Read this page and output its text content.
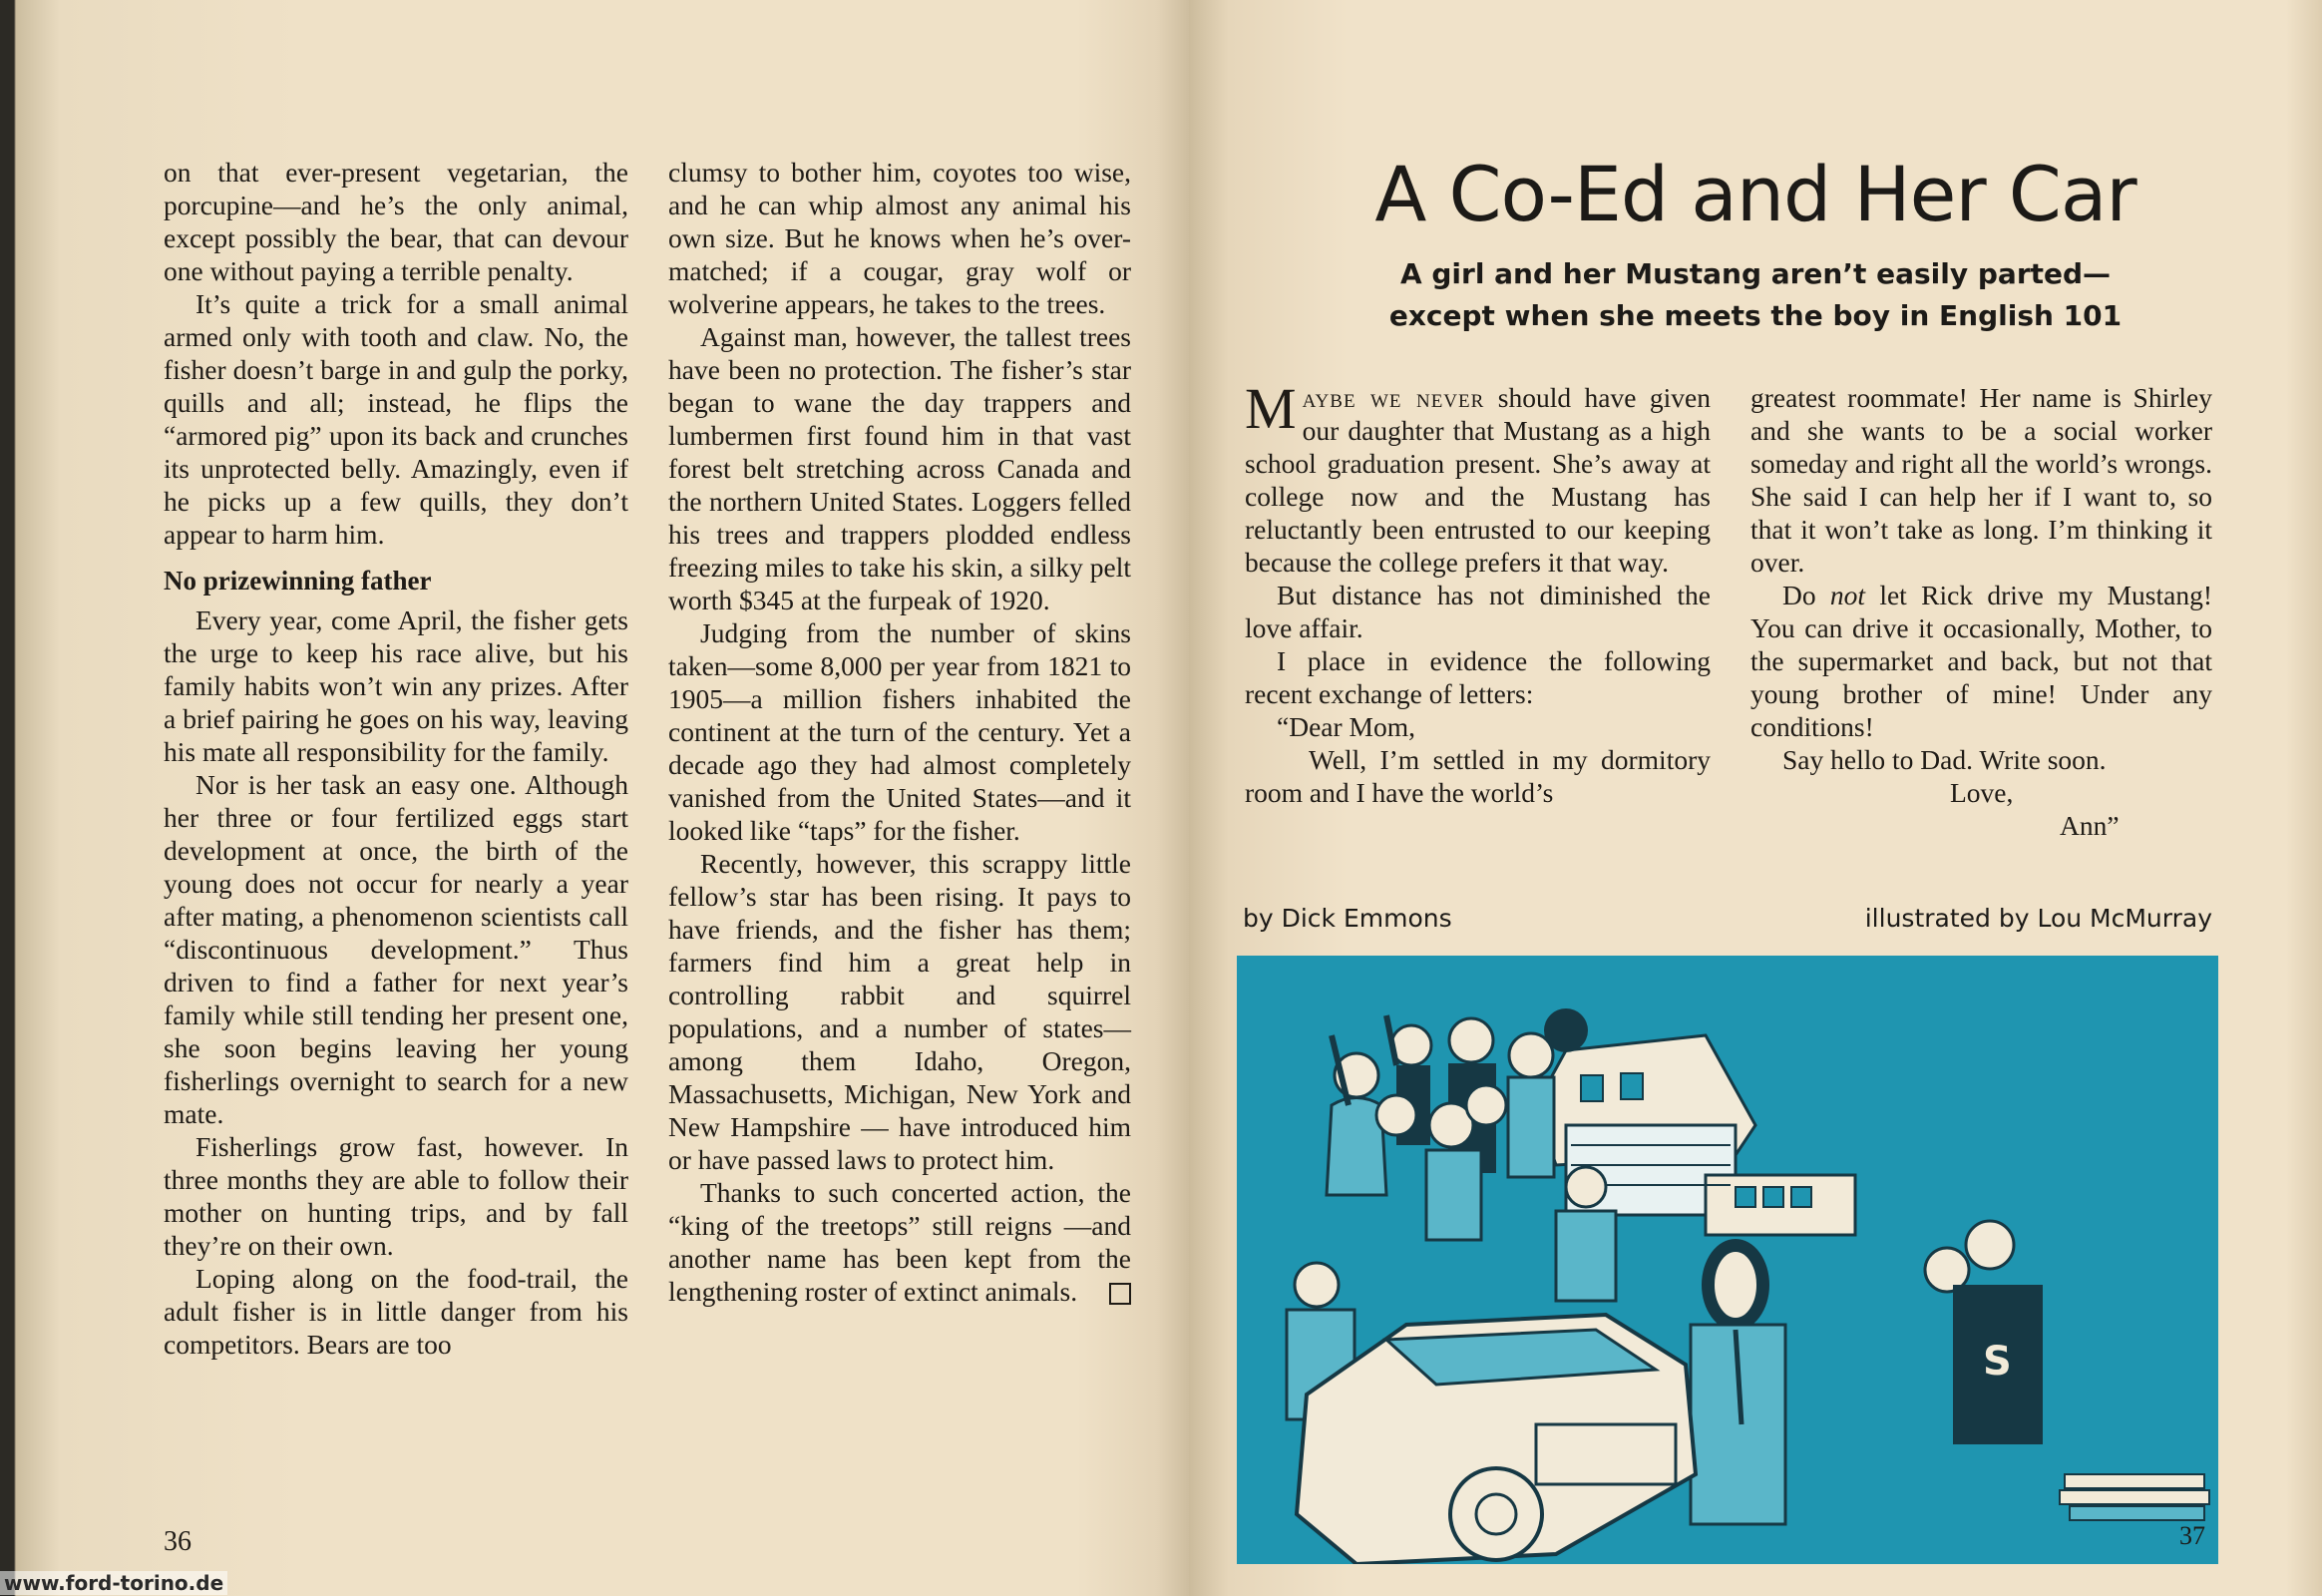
on that ever-present vegetarian, the porcupine—and he’s the only animal, except possibly the bear, that can devour one without paying a terrible penalty.

It’s quite a trick for a small animal armed only with tooth and claw. No, the fisher doesn’t barge in and gulp the porky, quills and all; instead, he flips the “armored pig” upon its back and crunches its unprotected belly. Amazingly, even if he picks up a few quills, they don’t appear to harm him.

No prizewinning father

Every year, come April, the fisher gets the urge to keep his race alive, but his family habits won’t win any prizes. After a brief pairing he goes on his way, leaving his mate all responsibility for the family.

Nor is her task an easy one. Although her three or four fertilized eggs start development at once, the birth of the young does not occur for nearly a year after mating, a phenomenon scientists call “discontinuous development.” Thus driven to find a father for next year’s family while still tending her present one, she soon begins leaving her young fisherlings overnight to search for a new mate.

Fisherlings grow fast, however. In three months they are able to follow their mother on hunting trips, and by fall they’re on their own.

Loping along on the food-trail, the adult fisher is in little danger from his competitors. Bears are too

clumsy to bother him, coyotes too wise, and he can whip almost any animal his own size. But he knows when he’s over-matched; if a cougar, gray wolf or wolverine appears, he takes to the trees.

Against man, however, the tallest trees have been no protection. The fisher’s star began to wane the day trappers and lumbermen first found him in that vast forest belt stretching across Canada and the northern United States. Loggers felled his trees and trappers plodded endless freezing miles to take his skin, a silky pelt worth $345 at the furpeak of 1920.

Judging from the number of skins taken—some 8,000 per year from 1821 to 1905—a million fishers inhabited the continent at the turn of the century. Yet a decade ago they had almost completely vanished from the United States—and it looked like “taps” for the fisher.

Recently, however, this scrappy little fellow’s star has been rising. It pays to have friends, and the fisher has them; farmers find him a great help in controlling rabbit and squirrel populations, and a number of states—among them Idaho, Oregon, Massachusetts, Michigan, New York and New Hampshire — have introduced him or have passed laws to protect him.

Thanks to such concerted action, the “king of the treetops” still reigns —and another name has been kept from the lengthening roster of extinct animals.

36
A Co-Ed and Her Car
A girl and her Mustang aren’t easily parted—
except when she meets the boy in English 101

Maybe we never should have given our daughter that Mustang as a high school graduation present. She’s away at college now and the Mustang has reluctantly been entrusted to our keeping because the college prefers it that way.

But distance has not diminished the love affair.

I place in evidence the following recent exchange of letters:

“Dear Mom,

Well, I’m settled in my dormitory room and I have the world’s

greatest roommate! Her name is Shirley and she wants to be a social worker someday and right all the world’s wrongs. She said I can help her if I want to, so that it won’t take as long. I’m thinking it over.

Do not let Rick drive my Mustang! You can drive it occasionally, Mother, to the supermarket and back, but not that young brother of mine! Under any conditions!

Say hello to Dad. Write soon.

Love,

Ann”

by Dick Emmons	illustrated by Lou McMurray
S
37
www.ford-torino.de
